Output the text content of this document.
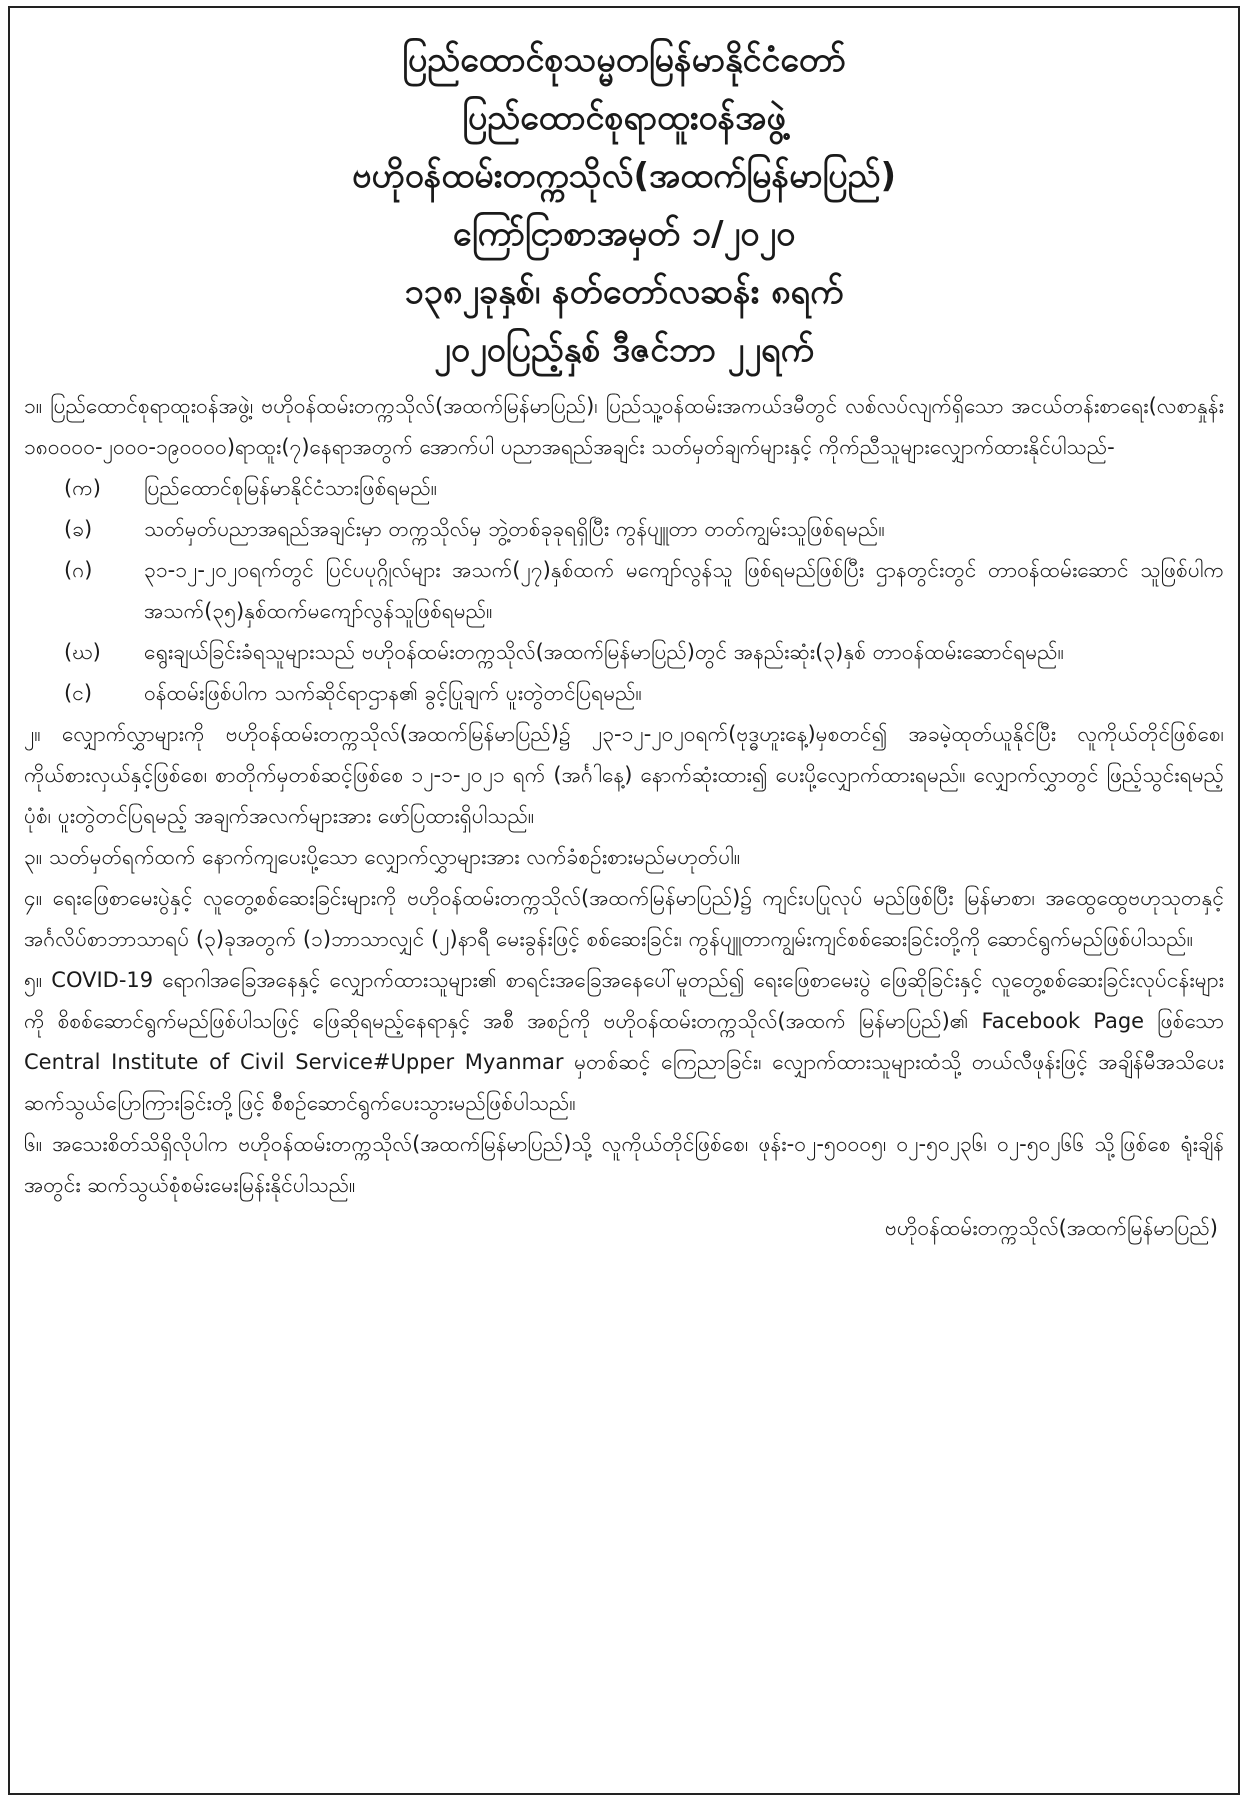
ပြည်ထောင်စုသမ္မတမြန်မာနိုင်ငံတော်
ပြည်ထောင်စုရာထူးဝန်အဖွဲ့
ဗဟိုဝန်ထမ်းတက္ကသိုလ်(အထက်မြန်မာပြည်)
ကြော်ငြာစာအမှတ် ၁/၂၀၂၀
၁၃၈၂ခုနှစ်၊ နတ်တော်လဆန်း ၈ရက်
၂၀၂၀ပြည့်နှစ် ဒီဇင်ဘာ ၂၂ရက်

၁။ ပြည်ထောင်စုရာထူးဝန်အဖွဲ့၊ ဗဟိုဝန်ထမ်းတက္ကသိုလ်(အထက်မြန်မာပြည်)၊ ပြည်သူ့ဝန်ထမ်းအကယ်ဒမီတွင် လစ်လပ်လျက်ရှိသော အငယ်တန်းစာရေး(လစာနှုန်း ၁၈၀၀၀၀-၂၀၀၀-၁၉၀၀၀၀)ရာထူး(၇)နေရာအတွက် အောက်ပါ ပညာအရည်အချင်း သတ်မှတ်ချက်များနှင့် ကိုက်ညီသူများလျှောက်ထားနိုင်ပါသည်-

(က)	ပြည်ထောင်စုမြန်မာနိုင်ငံသားဖြစ်ရမည်။
(ခ)	သတ်မှတ်ပညာအရည်အချင်းမှာ တက္ကသိုလ်မှ ဘွဲ့တစ်ခုခုရရှိပြီး ကွန်ပျူတာ တတ်ကျွမ်းသူဖြစ်ရမည်။
(ဂ)	၃၁-၁၂-၂၀၂၀ရက်တွင် ပြင်ပပုဂ္ဂိုလ်များ အသက်(၂၇)နှစ်ထက် မကျော်လွန်သူ ဖြစ်ရမည်ဖြစ်ပြီး ဌာနတွင်းတွင် တာဝန်ထမ်းဆောင် သူဖြစ်ပါက အသက်(၃၅)နှစ်ထက်မကျော်လွန်သူဖြစ်ရမည်။
(ဃ)	ရွေးချယ်ခြင်းခံရသူများသည် ဗဟိုဝန်ထမ်းတက္ကသိုလ်(အထက်မြန်မာပြည်)တွင် အနည်းဆုံး(၃)နှစ် တာဝန်ထမ်းဆောင်ရမည်။
(င)	ဝန်ထမ်းဖြစ်ပါက သက်ဆိုင်ရာဌာန၏ ခွင့်ပြုချက် ပူးတွဲတင်ပြရမည်။

၂။ လျှောက်လွှာများကို ဗဟိုဝန်ထမ်းတက္ကသိုလ်(အထက်မြန်မာပြည်)၌ ၂၃-၁၂-၂၀၂၀ရက်(ဗုဒ္ဓဟူးနေ့)မှစတင်၍ အခမဲ့ထုတ်ယူနိုင်ပြီး လူကိုယ်တိုင်ဖြစ်စေ၊ ကိုယ်စားလှယ်နှင့်ဖြစ်စေ၊ စာတိုက်မှတစ်ဆင့်ဖြစ်စေ ၁၂-၁-၂၀၂၁ ရက် (အင်္ဂါနေ့) နောက်ဆုံးထား၍ ပေးပို့လျှောက်ထားရမည်။ လျှောက်လွှာတွင် ဖြည့်သွင်းရမည့်ပုံစံ၊ ပူးတွဲတင်ပြရမည့် အချက်အလက်များအား ဖော်ပြထားရှိပါသည်။

၃။ သတ်မှတ်ရက်ထက် နောက်ကျပေးပို့သော လျှောက်လွှာများအား လက်ခံစဉ်းစားမည်မဟုတ်ပါ။

၄။ ရေးဖြေစာမေးပွဲနှင့် လူတွေ့စစ်ဆေးခြင်းများကို ဗဟိုဝန်ထမ်းတက္ကသိုလ်(အထက်မြန်မာပြည်)၌ ကျင်းပပြုလုပ် မည်ဖြစ်ပြီး မြန်မာစာ၊ အထွေထွေဗဟုသုတနှင့် အင်္ဂလိပ်စာဘာသာရပ် (၃)ခုအတွက် (၁)ဘာသာလျှင် (၂)နာရီ မေးခွန်းဖြင့် စစ်ဆေးခြင်း၊ ကွန်ပျူတာကျွမ်းကျင်စစ်ဆေးခြင်းတို့ကို ဆောင်ရွက်မည်ဖြစ်ပါသည်။

၅။ COVID-19 ရောဂါအခြေအနေနှင့် လျှောက်ထားသူများ၏ စာရင်းအခြေအနေပေါ်မူတည်၍ ရေးဖြေစာမေးပွဲ ဖြေဆိုခြင်းနှင့် လူတွေ့စစ်ဆေးခြင်းလုပ်ငန်းများကို စိစစ်ဆောင်ရွက်မည်ဖြစ်ပါသဖြင့် ဖြေဆိုရမည့်နေရာနှင့် အစီ အစဉ်ကို ဗဟိုဝန်ထမ်းတက္ကသိုလ်(အထက် မြန်မာပြည်)၏ Facebook Page ဖြစ်သော Central Institute of Civil Service#Upper Myanmar မှတစ်ဆင့် ကြေညာခြင်း၊ လျှောက်ထားသူများထံသို့ တယ်လီဖုန်းဖြင့် အချိန်မီအသိပေး ဆက်သွယ်ပြောကြားခြင်းတို့ဖြင့် စီစဉ်ဆောင်ရွက်ပေးသွားမည်ဖြစ်ပါသည်။

၆။ အသေးစိတ်သိရှိလိုပါက ဗဟိုဝန်ထမ်းတက္ကသိုလ်(အထက်မြန်မာပြည်)သို့ လူကိုယ်တိုင်ဖြစ်စေ၊ ဖုန်း-၀၂-၅၀၀၀၅၊ ၀၂-၅၀၂၃၆၊ ၀၂-၅၀၂၆၆ သို့ဖြစ်စေ ရုံးချိန်အတွင်း ဆက်သွယ်စုံစမ်းမေးမြန်းနိုင်ပါသည်။

ဗဟိုဝန်ထမ်းတက္ကသိုလ်(အထက်မြန်မာပြည်)
